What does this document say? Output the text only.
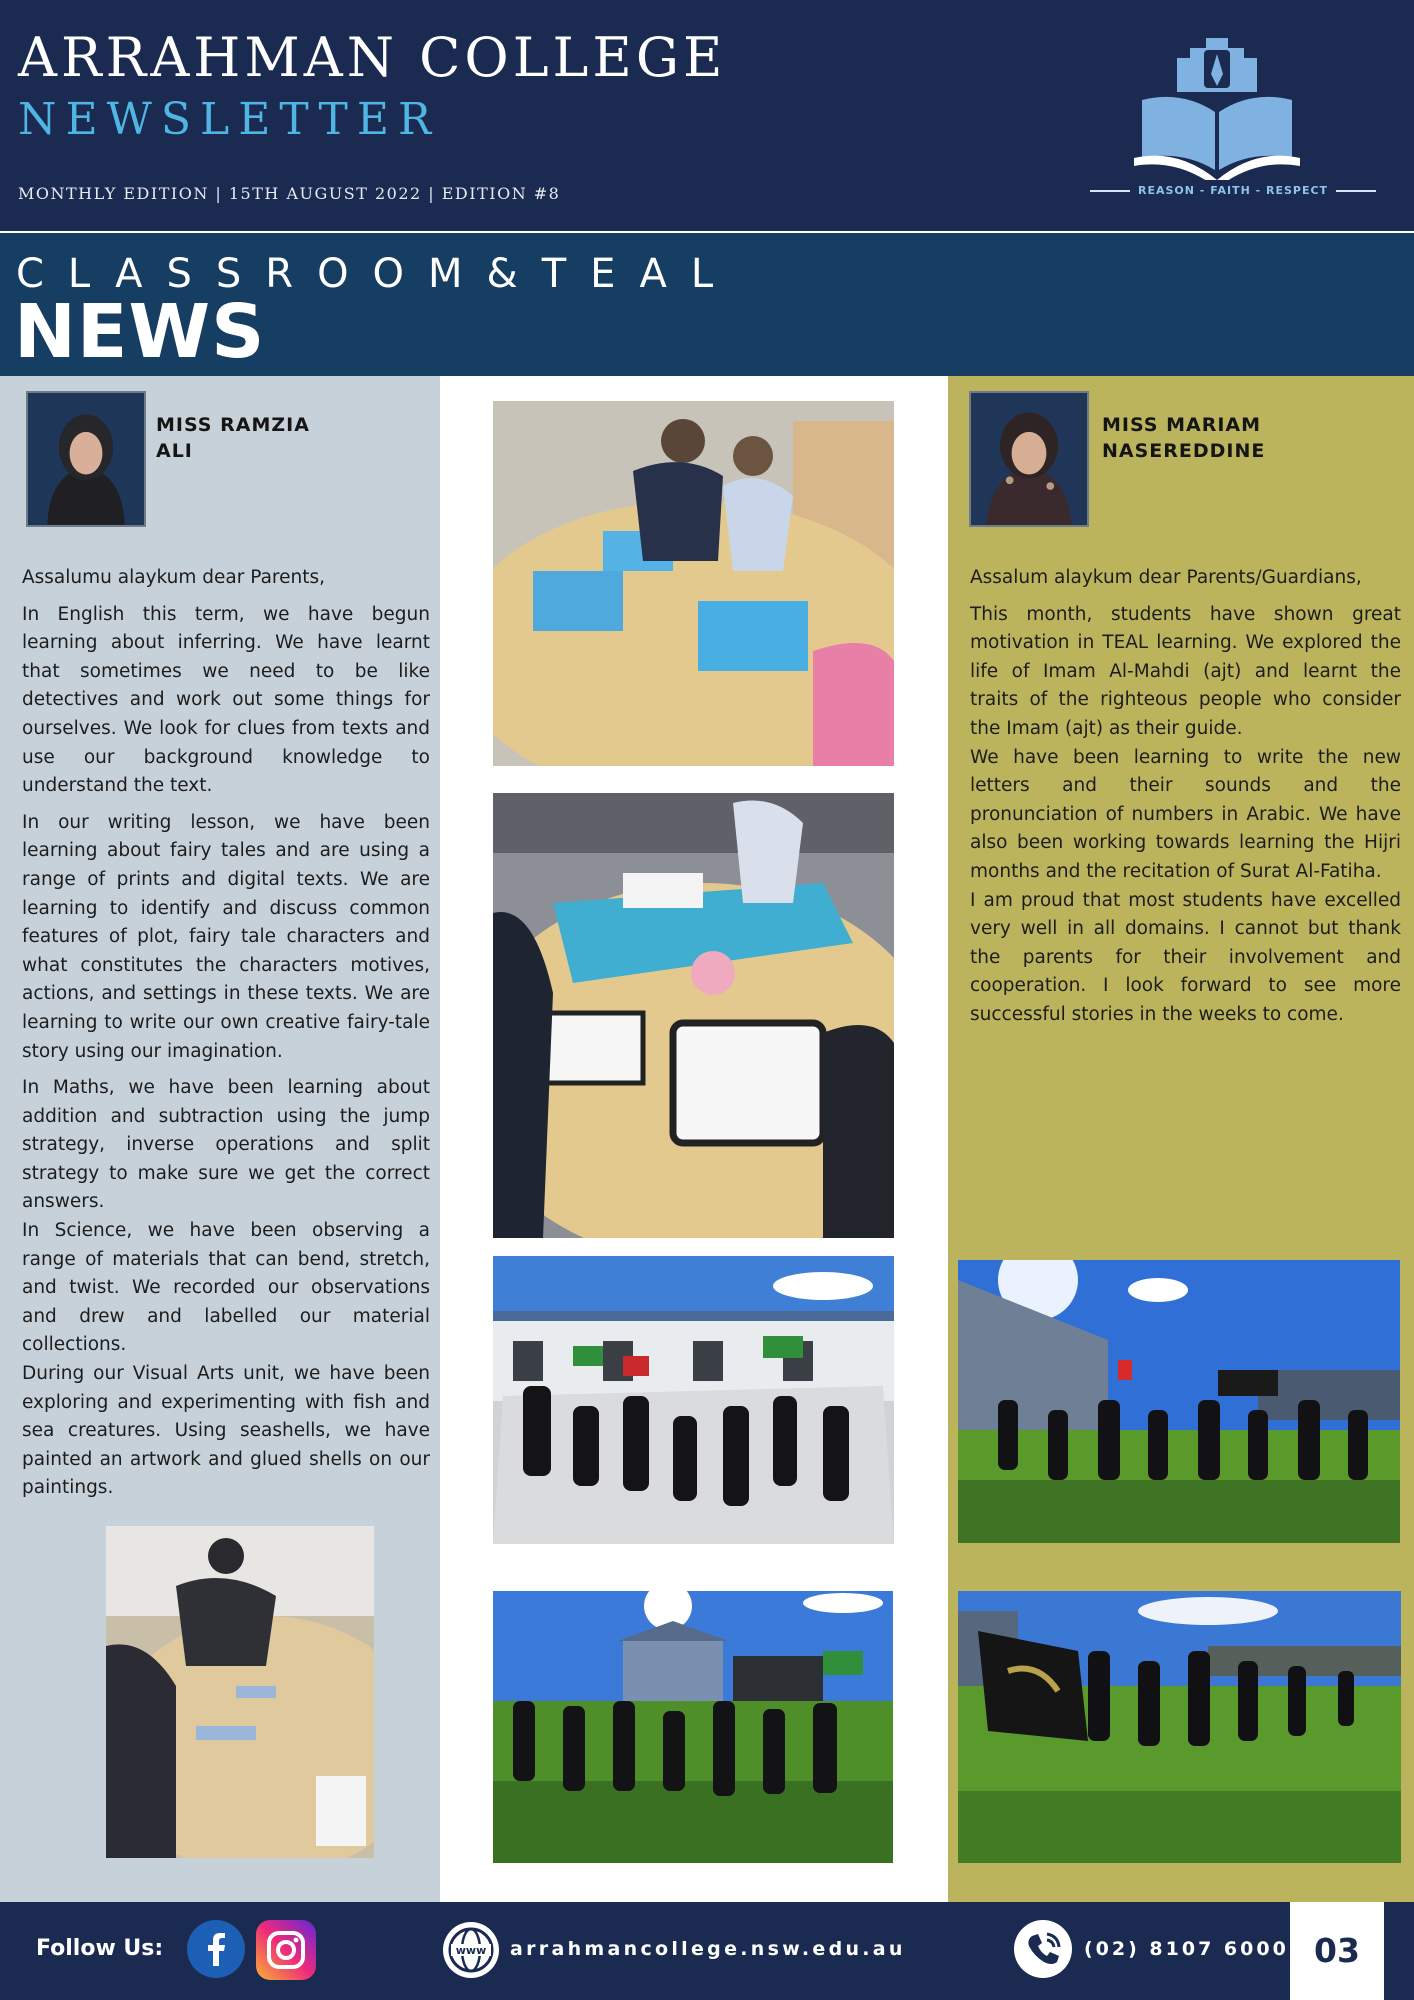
ARRAHMAN COLLEGE
NEWSLETTER
MONTHLY EDITION | 15TH AUGUST 2022 | EDITION #8	REASON - FAITH - RESPECT
CLASSROOM&TEAL
NEWS
MISS RAMZIA
ALI

Assalumu alaykum dear Parents,

In English this term, we have begun learning about inferring. We have learnt that sometimes we need to be like detectives and work out some things for ourselves. We look for clues from texts and use our background knowledge to understand the text.

In our writing lesson, we have been learning about fairy tales and are using a range of prints and digital texts. We are learning to identify and discuss common features of plot, fairy tale characters and what constitutes the characters motives, actions, and settings in these texts. We are learning to write our own creative fairy-tale story using our imagination.

In Maths, we have been learning about addition and subtraction using the jump strategy, inverse operations and split strategy to make sure we get the correct answers.

In Science, we have been observing a range of materials that can bend, stretch, and twist. We recorded our observations and drew and labelled our material collections.

During our Visual Arts unit, we have been exploring and experimenting with fish and sea creatures. Using seashells, we have painted an artwork and glued shells on our paintings.

MISS MARIAM
NASEREDDINE

Assalum alaykum dear Parents/Guardians,

This month, students have shown great motivation in TEAL learning. We explored the life of Imam Al-Mahdi (ajt) and learnt the traits of the righteous people who consider the Imam (ajt) as their guide.

We have been learning to write the new letters and their sounds and the pronunciation of numbers in Arabic. We have also been working towards learning the Hijri months and the recitation of Surat Al-Fatiha.

I am proud that most students have excelled very well in all domains. I cannot but thank the parents for their involvement and cooperation. I look forward to see more successful stories in the weeks to come.

Follow Us:	www arrahmancollege.nsw.edu.au	(02) 8107 6000 03
